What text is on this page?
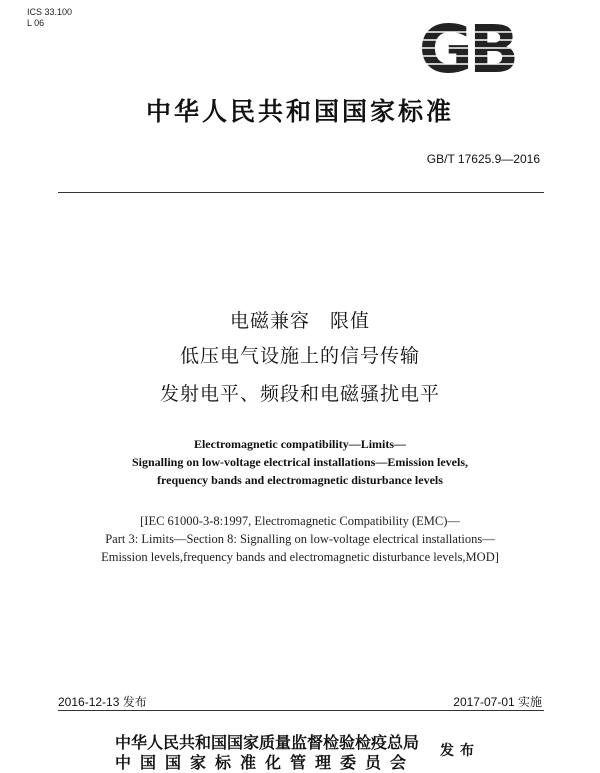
ICS 33.100
L 06	GB
中华人民共和国国家标准
GB/T 17625.9—2016
电磁兼容　限值
低压电气设施上的信号传输
发射电平、频段和电磁骚扰电平
Electromagnetic compatibility—Limits—
Signalling on low-voltage electrical installations—Emission levels,
frequency bands and electromagnetic disturbance levels
[IEC 61000-3-8:1997, Electromagnetic Compatibility (EMC)—
Part 3: Limits—Section 8: Signalling on low-voltage electrical installations—
Emission levels,frequency bands and electromagnetic disturbance levels,MOD]
2016-12-13 发布	2017-07-01 实施
中华人民共和国国家质量监督检验检疫总局
中国国家标准化管理委员会
发布
